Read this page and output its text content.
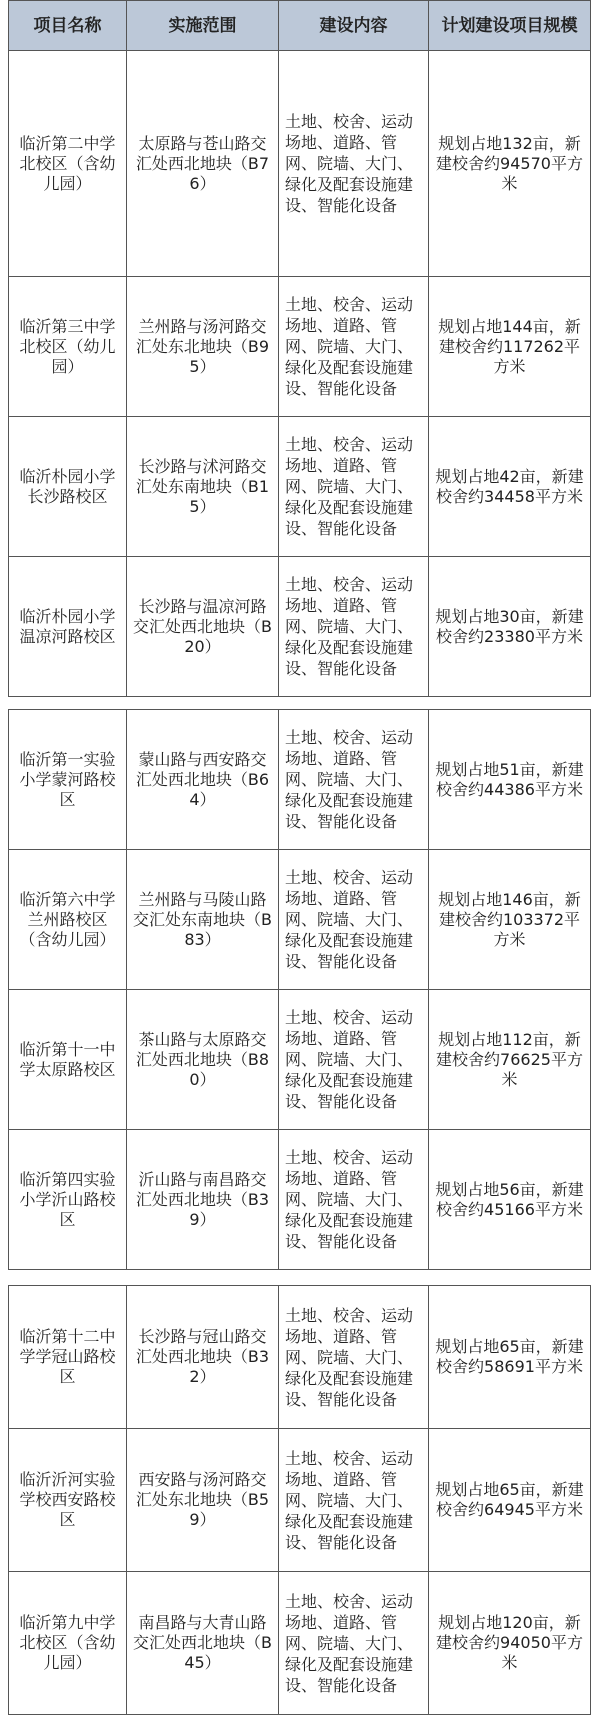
项目名称	实施范围	建设内容	计划建设项目规模
临沂第二中学北校区（含幼儿园）	太原路与苍山路交汇处西北地块（B76）	土地、校舍、运动场地、道路、管网、院墙、大门、绿化及配套设施建设、智能化设备	规划占地132亩，新建校舍约94570平方米
临沂第三中学北校区（幼儿园）	兰州路与汤河路交汇处东北地块（B95）	土地、校舍、运动场地、道路、管网、院墙、大门、绿化及配套设施建设、智能化设备	规划占地144亩，新建校舍约117262平方米
临沂朴园小学长沙路校区	长沙路与沭河路交汇处东南地块（B15）	土地、校舍、运动场地、道路、管网、院墙、大门、绿化及配套设施建设、智能化设备	规划占地42亩，新建校舍约34458平方米
临沂朴园小学温凉河路校区	长沙路与温凉河路交汇处西北地块（B20）	土地、校舍、运动场地、道路、管网、院墙、大门、绿化及配套设施建设、智能化设备	规划占地30亩，新建校舍约23380平方米
临沂第一实验小学蒙河路校区	蒙山路与西安路交汇处西北地块（B64）	土地、校舍、运动场地、道路、管网、院墙、大门、绿化及配套设施建设、智能化设备	规划占地51亩，新建校舍约44386平方米
临沂第六中学兰州路校区（含幼儿园）	兰州路与马陵山路交汇处东南地块（B83）	土地、校舍、运动场地、道路、管网、院墙、大门、绿化及配套设施建设、智能化设备	规划占地146亩，新建校舍约103372平方米
临沂第十一中学太原路校区	茶山路与太原路交汇处西北地块（B80）	土地、校舍、运动场地、道路、管网、院墙、大门、绿化及配套设施建设、智能化设备	规划占地112亩，新建校舍约76625平方米
临沂第四实验小学沂山路校区	沂山路与南昌路交汇处西北地块（B39）	土地、校舍、运动场地、道路、管网、院墙、大门、绿化及配套设施建设、智能化设备	规划占地56亩，新建校舍约45166平方米
临沂第十二中学学冠山路校区	长沙路与冠山路交汇处西北地块（B32）	土地、校舍、运动场地、道路、管网、院墙、大门、绿化及配套设施建设、智能化设备	规划占地65亩，新建校舍约58691平方米
临沂沂河实验学校西安路校区	西安路与汤河路交汇处东北地块（B59）	土地、校舍、运动场地、道路、管网、院墙、大门、绿化及配套设施建设、智能化设备	规划占地65亩，新建校舍约64945平方米
临沂第九中学北校区（含幼儿园）	南昌路与大青山路交汇处西北地块（B45）	土地、校舍、运动场地、道路、管网、院墙、大门、绿化及配套设施建设、智能化设备	规划占地120亩，新建校舍约94050平方米
